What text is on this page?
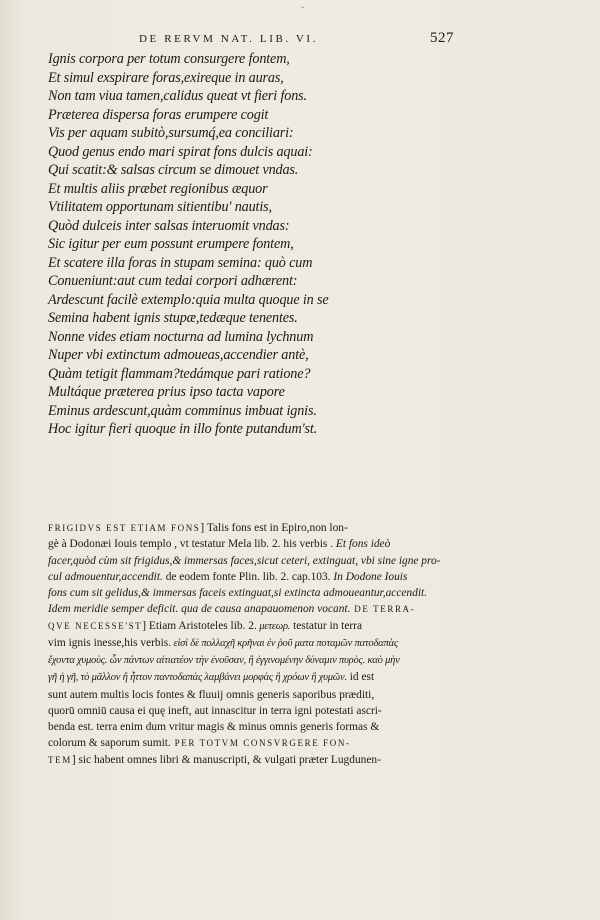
ˇ
DE RERVM NAT. LIB. VI.	527
Ignis corpora per totum consurgere fontem,
Et simul exspirare foras,exireque in auras,
Non tam viua tamen,calidus queat vt fieri fons.
Præterea dispersa foras erumpere cogit
Vis per aquam subitò,sursumq́,ea conciliari:
Quod genus endo mari spirat fons dulcis aquai:
Qui scatit:& salsas circum se dimouet vndas.
Et multis aliis præbet regionibus æquor
Vtilitatem opportunam sitientibu' nautis,
Quòd dulceis inter salsas interuomit vndas:
Sic igitur per eum possunt erumpere fontem,
Et scatere illa foras in stupam semina: quò cum
Conueniunt:aut cum tedai corpori adhærent:
Ardescunt facilè extemplo:quia multa quoque in se
Semina habent ignis stupæ,tedæque tenentes.
Nonne vides etiam nocturna ad lumina lychnum
Nuper vbi extinctum admoueas,accendier antè,
Quàm tetigit flammam?tedámque pari ratione?
Multáque præterea prius ipso tacta vapore
Eminus ardescunt,quàm comminus imbuat ignis.
Hoc igitur fieri quoque in illo fonte putandum'st.
FRIGIDVS EST ETIAM FONS] Talis fons est in Epiro,non lon-
gè à Dodonæi Iouis templo , vt testatur Mela lib. 2. his verbis . Et fons ideò
facer,quòd cùm sit frigidus,& immersas faces,sicut ceteri, extinguat, vbi sine igne pro-
cul admouentur,accendit. de eodem fonte Plin. lib. 2. cap.103. In Dodone Iouis
fons cum sit gelidus,& immersas faceis extinguat,si extincta admoueantur,accendit.
Idem meridie semper deficit. qua de causa anapauomenon vocant. DE TERRA-
QVE NECESSE'ST] Etiam Aristoteles lib. 2. μετεωρ. testatur in terra
vim ignis inesse,his verbis. εἰσὶ δὲ πολλαχῆ κρῆναι ἐν ῥοῦ ματα ποταμῶν πατοδαπὰς
ἔχοντα χυμοὺς. ὧν πάντων αἰτιατέον τὴν ἐνοῦσαν, ἢ ἐγγινομένην δύναμιν πυρὸς. καὸ μὴν
γῆ ἡ γῆ, τὸ μᾶλλον ἢ ἧττον παντοδαπὰς λαμβάνει μορφὰς ἢ χρόων ἢ χυμῶν. id est
sunt autem multis locis fontes & fluuij omnis generis saporibus præditi,
quorū omniū causa ei quę ineft, aut innascitur in terra igni potestati ascri-
benda est. terra enim dum vritur magis & minus omnis generis formas &
colorum & saporum sumit. PER TOTVM CONSVRGERE FON-
TEM] sic habent omnes libri & manuscripti, & vulgati præter Lugdunen-
